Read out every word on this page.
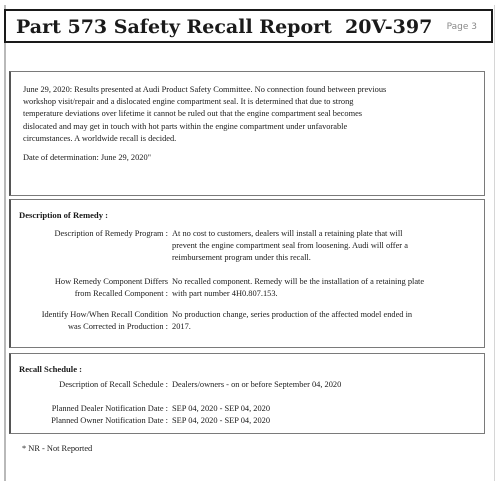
Part 573 Safety Recall Report 20V-397 Page 3
June 29, 2020: Results presented at Audi Product Safety Committee. No connection found between previous
workshop visit/repair and a dislocated engine compartment seal. It is determined that due to strong
temperature deviations over lifetime it cannot be ruled out that the engine compartment seal becomes
dislocated and may get in touch with hot parts within the engine compartment under unfavorable
circumstances. A worldwide recall is decided.
Date of determination: June 29, 2020"
Description of Remedy :
Description of Remedy Program : At no cost to customers, dealers will install a retaining plate that will
prevent the engine compartment seal from loosening. Audi will offer a
reimbursement program under this recall.
How Remedy Component Differs
from Recalled Component :
No recalled component. Remedy will be the installation of a retaining plate
with part number 4H0.807.153.
Identify How/When Recall Condition
was Corrected in Production :
No production change, series production of the affected model ended in
2017.
Recall Schedule :
Description of Recall Schedule : Dealers/owners - on or before September 04, 2020
Planned Dealer Notification Date : SEP 04, 2020 - SEP 04, 2020
Planned Owner Notification Date : SEP 04, 2020 - SEP 04, 2020
* NR - Not Reported
